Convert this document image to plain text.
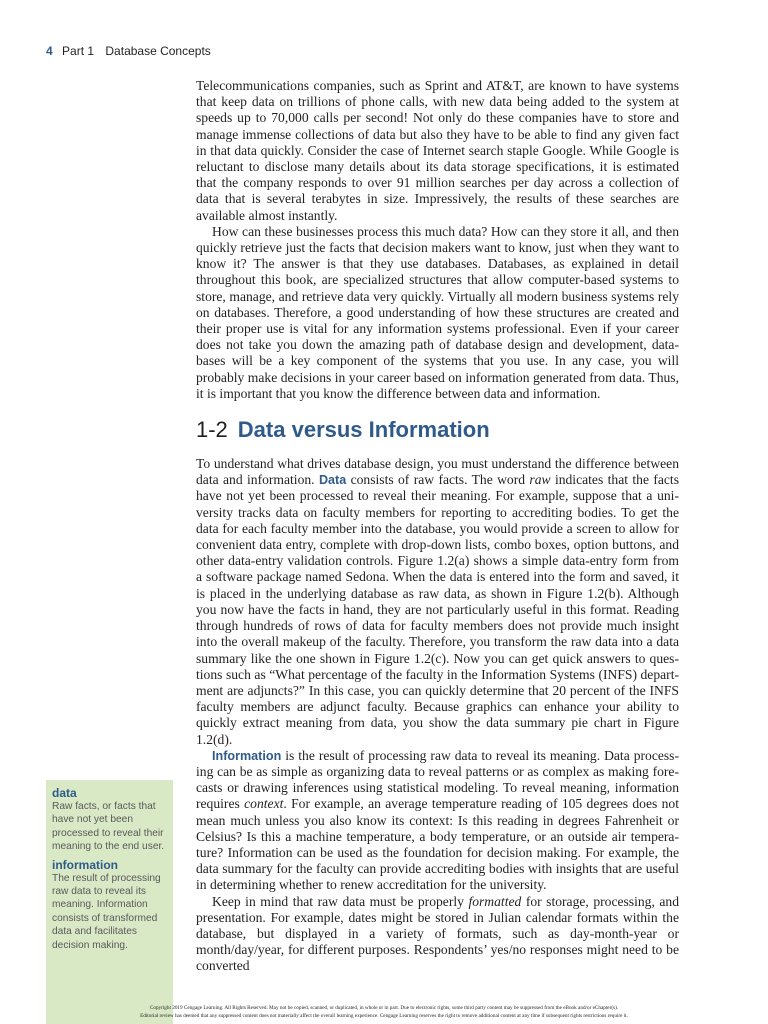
4 Part 1 Database Concepts

Telecommunications companies, such as Sprint and AT&T, are known to have systems that keep data on trillions of phone calls, with new data being added to the system at speeds up to 70,000 calls per second! Not only do these companies have to store and manage immense collections of data but also they have to be able to find any given fact in that data quickly. Consider the case of Internet search staple Google. While Google is reluctant to disclose many details about its data storage specifications, it is estimated that the company responds to over 91 million searches per day across a collection of data that is several terabytes in size. Impressively, the results of these searches are available almost instantly.

How can these businesses process this much data? How can they store it all, and then quickly retrieve just the facts that decision makers want to know, just when they want to know it? The answer is that they use databases. Databases, as explained in detail throughout this book, are specialized structures that allow computer-based systems to store, manage, and retrieve data very quickly. Virtually all modern business systems rely on databases. Therefore, a good understanding of how these structures are created and their proper use is vital for any information systems professional. Even if your career does not take you down the amazing path of database design and development, databases will be a key component of the systems that you use. In any case, you will probably make decisions in your career based on information generated from data. Thus, it is important that you know the difference between data and information.

1-2 Data versus Information

To understand what drives database design, you must understand the difference between data and information. Data consists of raw facts. The word raw indicates that the facts have not yet been processed to reveal their meaning. For example, suppose that a university tracks data on faculty members for reporting to accrediting bodies. To get the data for each faculty member into the database, you would provide a screen to allow for convenient data entry, complete with drop-down lists, combo boxes, option buttons, and other data-entry validation controls. Figure 1.2(a) shows a simple data-entry form from a software package named Sedona. When the data is entered into the form and saved, it is placed in the underlying database as raw data, as shown in Figure 1.2(b). Although you now have the facts in hand, they are not particularly useful in this format. Reading through hundreds of rows of data for faculty members does not provide much insight into the overall makeup of the faculty. Therefore, you transform the raw data into a data summary like the one shown in Figure 1.2(c). Now you can get quick answers to questions such as “What percentage of the faculty in the Information Systems (INFS) department are adjuncts?” In this case, you can quickly determine that 20 percent of the INFS faculty members are adjunct faculty. Because graphics can enhance your ability to quickly extract meaning from data, you show the data summary pie chart in Figure 1.2(d).

Information is the result of processing raw data to reveal its meaning. Data processing can be as simple as organizing data to reveal patterns or as complex as making forecasts or drawing inferences using statistical modeling. To reveal meaning, information requires context. For example, an average temperature reading of 105 degrees does not mean much unless you also know its context: Is this reading in degrees Fahrenheit or Celsius? Is this a machine temperature, a body temperature, or an outside air temperature? Information can be used as the foundation for decision making. For example, the data summary for the faculty can provide accrediting bodies with insights that are useful in determining whether to renew accreditation for the university.

Keep in mind that raw data must be properly formatted for storage, processing, and presentation. For example, dates might be stored in Julian calendar formats within the database, but displayed in a variety of formats, such as day-month-year or month/day/year, for different purposes. Respondents’ yes/no responses might need to be converted

data
Raw facts, or facts that have not yet been processed to reveal their meaning to the end user.
information
The result of processing raw data to reveal its meaning. Information consists of transformed data and facilitates decision making.
Copyright 2019 Cengage Learning. All Rights Reserved. May not be copied, scanned, or duplicated, in whole or in part. Due to electronic rights, some third party content may be suppressed from the eBook and/or eChapter(s).
Editorial review has deemed that any suppressed content does not materially affect the overall learning experience. Cengage Learning reserves the right to remove additional content at any time if subsequent rights restrictions require it.
